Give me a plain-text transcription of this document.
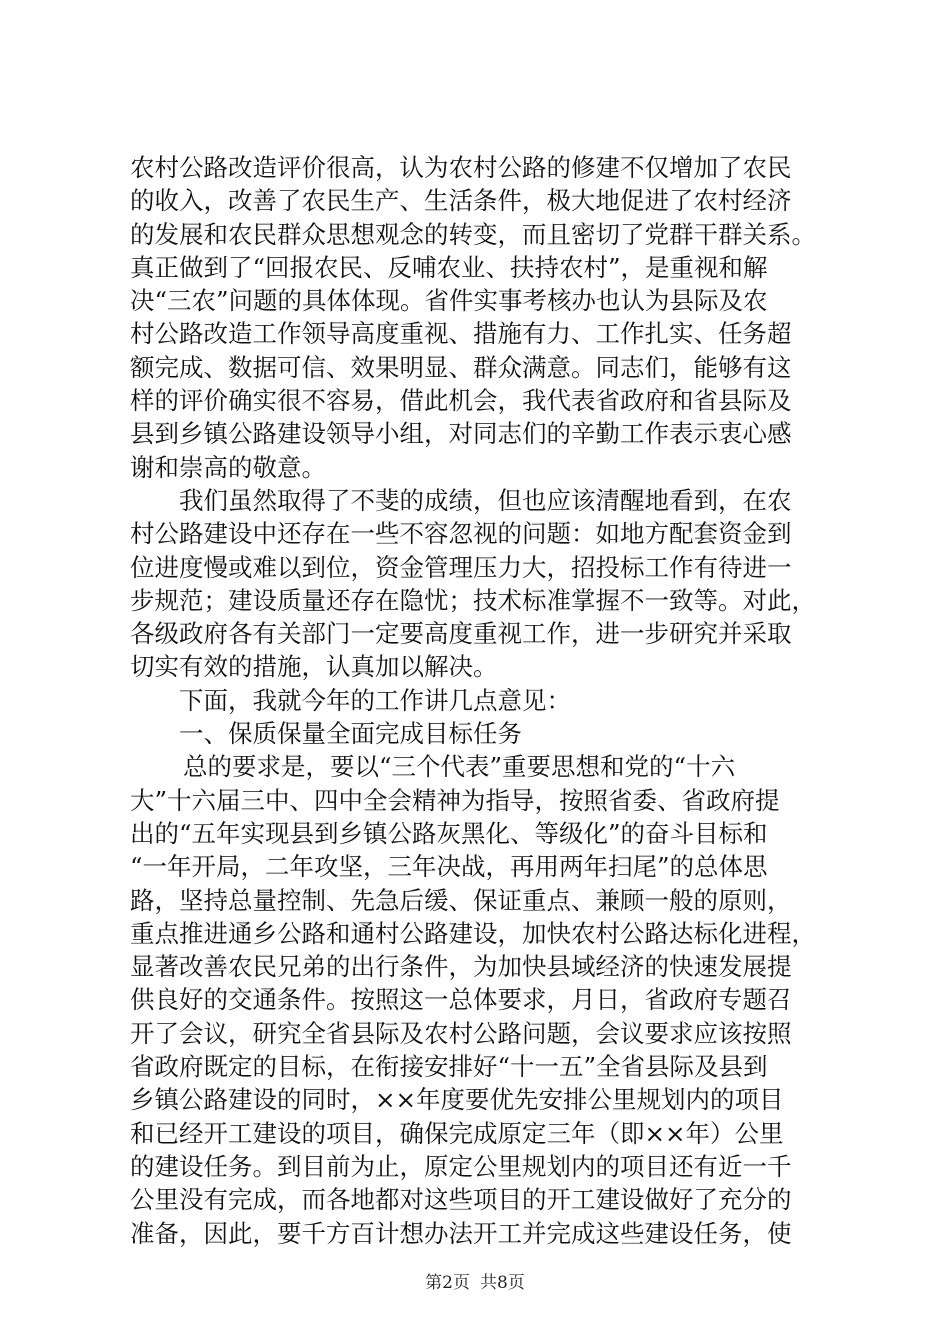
农村公路改造评价很高，认为农村公路的修建不仅增加了农民
的收入，改善了农民生产、生活条件，极大地促进了农村经济
的发展和农民群众思想观念的转变，而且密切了党群干群关系。
真正做到了“回报农民、反哺农业、扶持农村”，是重视和解
决“三农”问题的具体体现。省件实事考核办也认为县际及农
村公路改造工作领导高度重视、措施有力、工作扎实、任务超
额完成、数据可信、效果明显、群众满意。同志们，能够有这
样的评价确实很不容易，借此机会，我代表省政府和省县际及
县到乡镇公路建设领导小组，对同志们的辛勤工作表示衷心感
谢和崇高的敬意。
我们虽然取得了不斐的成绩，但也应该清醒地看到，在农
村公路建设中还存在一些不容忽视的问题：如地方配套资金到
位进度慢或难以到位，资金管理压力大，招投标工作有待进一
步规范；建设质量还存在隐忧；技术标准掌握不一致等。对此，
各级政府各有关部门一定要高度重视工作，进一步研究并采取
切实有效的措施，认真加以解决。
下面，我就今年的工作讲几点意见：
一、保质保量全面完成目标任务
总的要求是，要以“三个代表”重要思想和党的“十六
大”十六届三中、四中全会精神为指导，按照省委、省政府提
出的“五年实现县到乡镇公路灰黑化、等级化”的奋斗目标和
“一年开局，二年攻坚，三年决战，再用两年扫尾”的总体思
路，坚持总量控制、先急后缓、保证重点、兼顾一般的原则，
重点推进通乡公路和通村公路建设，加快农村公路达标化进程，
显著改善农民兄弟的出行条件，为加快县域经济的快速发展提
供良好的交通条件。按照这一总体要求，月日，省政府专题召
开了会议，研究全省县际及农村公路问题，会议要求应该按照
省政府既定的目标，在衔接安排好“十一五”全省县际及县到
乡镇公路建设的同时，××年度要优先安排公里规划内的项目
和已经开工建设的项目，确保完成原定三年（即××年）公里
的建设任务。到目前为止，原定公里规划内的项目还有近一千
公里没有完成，而各地都对这些项目的开工建设做好了充分的
准备，因此，要千方百计想办法开工并完成这些建设任务，使
第2页 共8页
